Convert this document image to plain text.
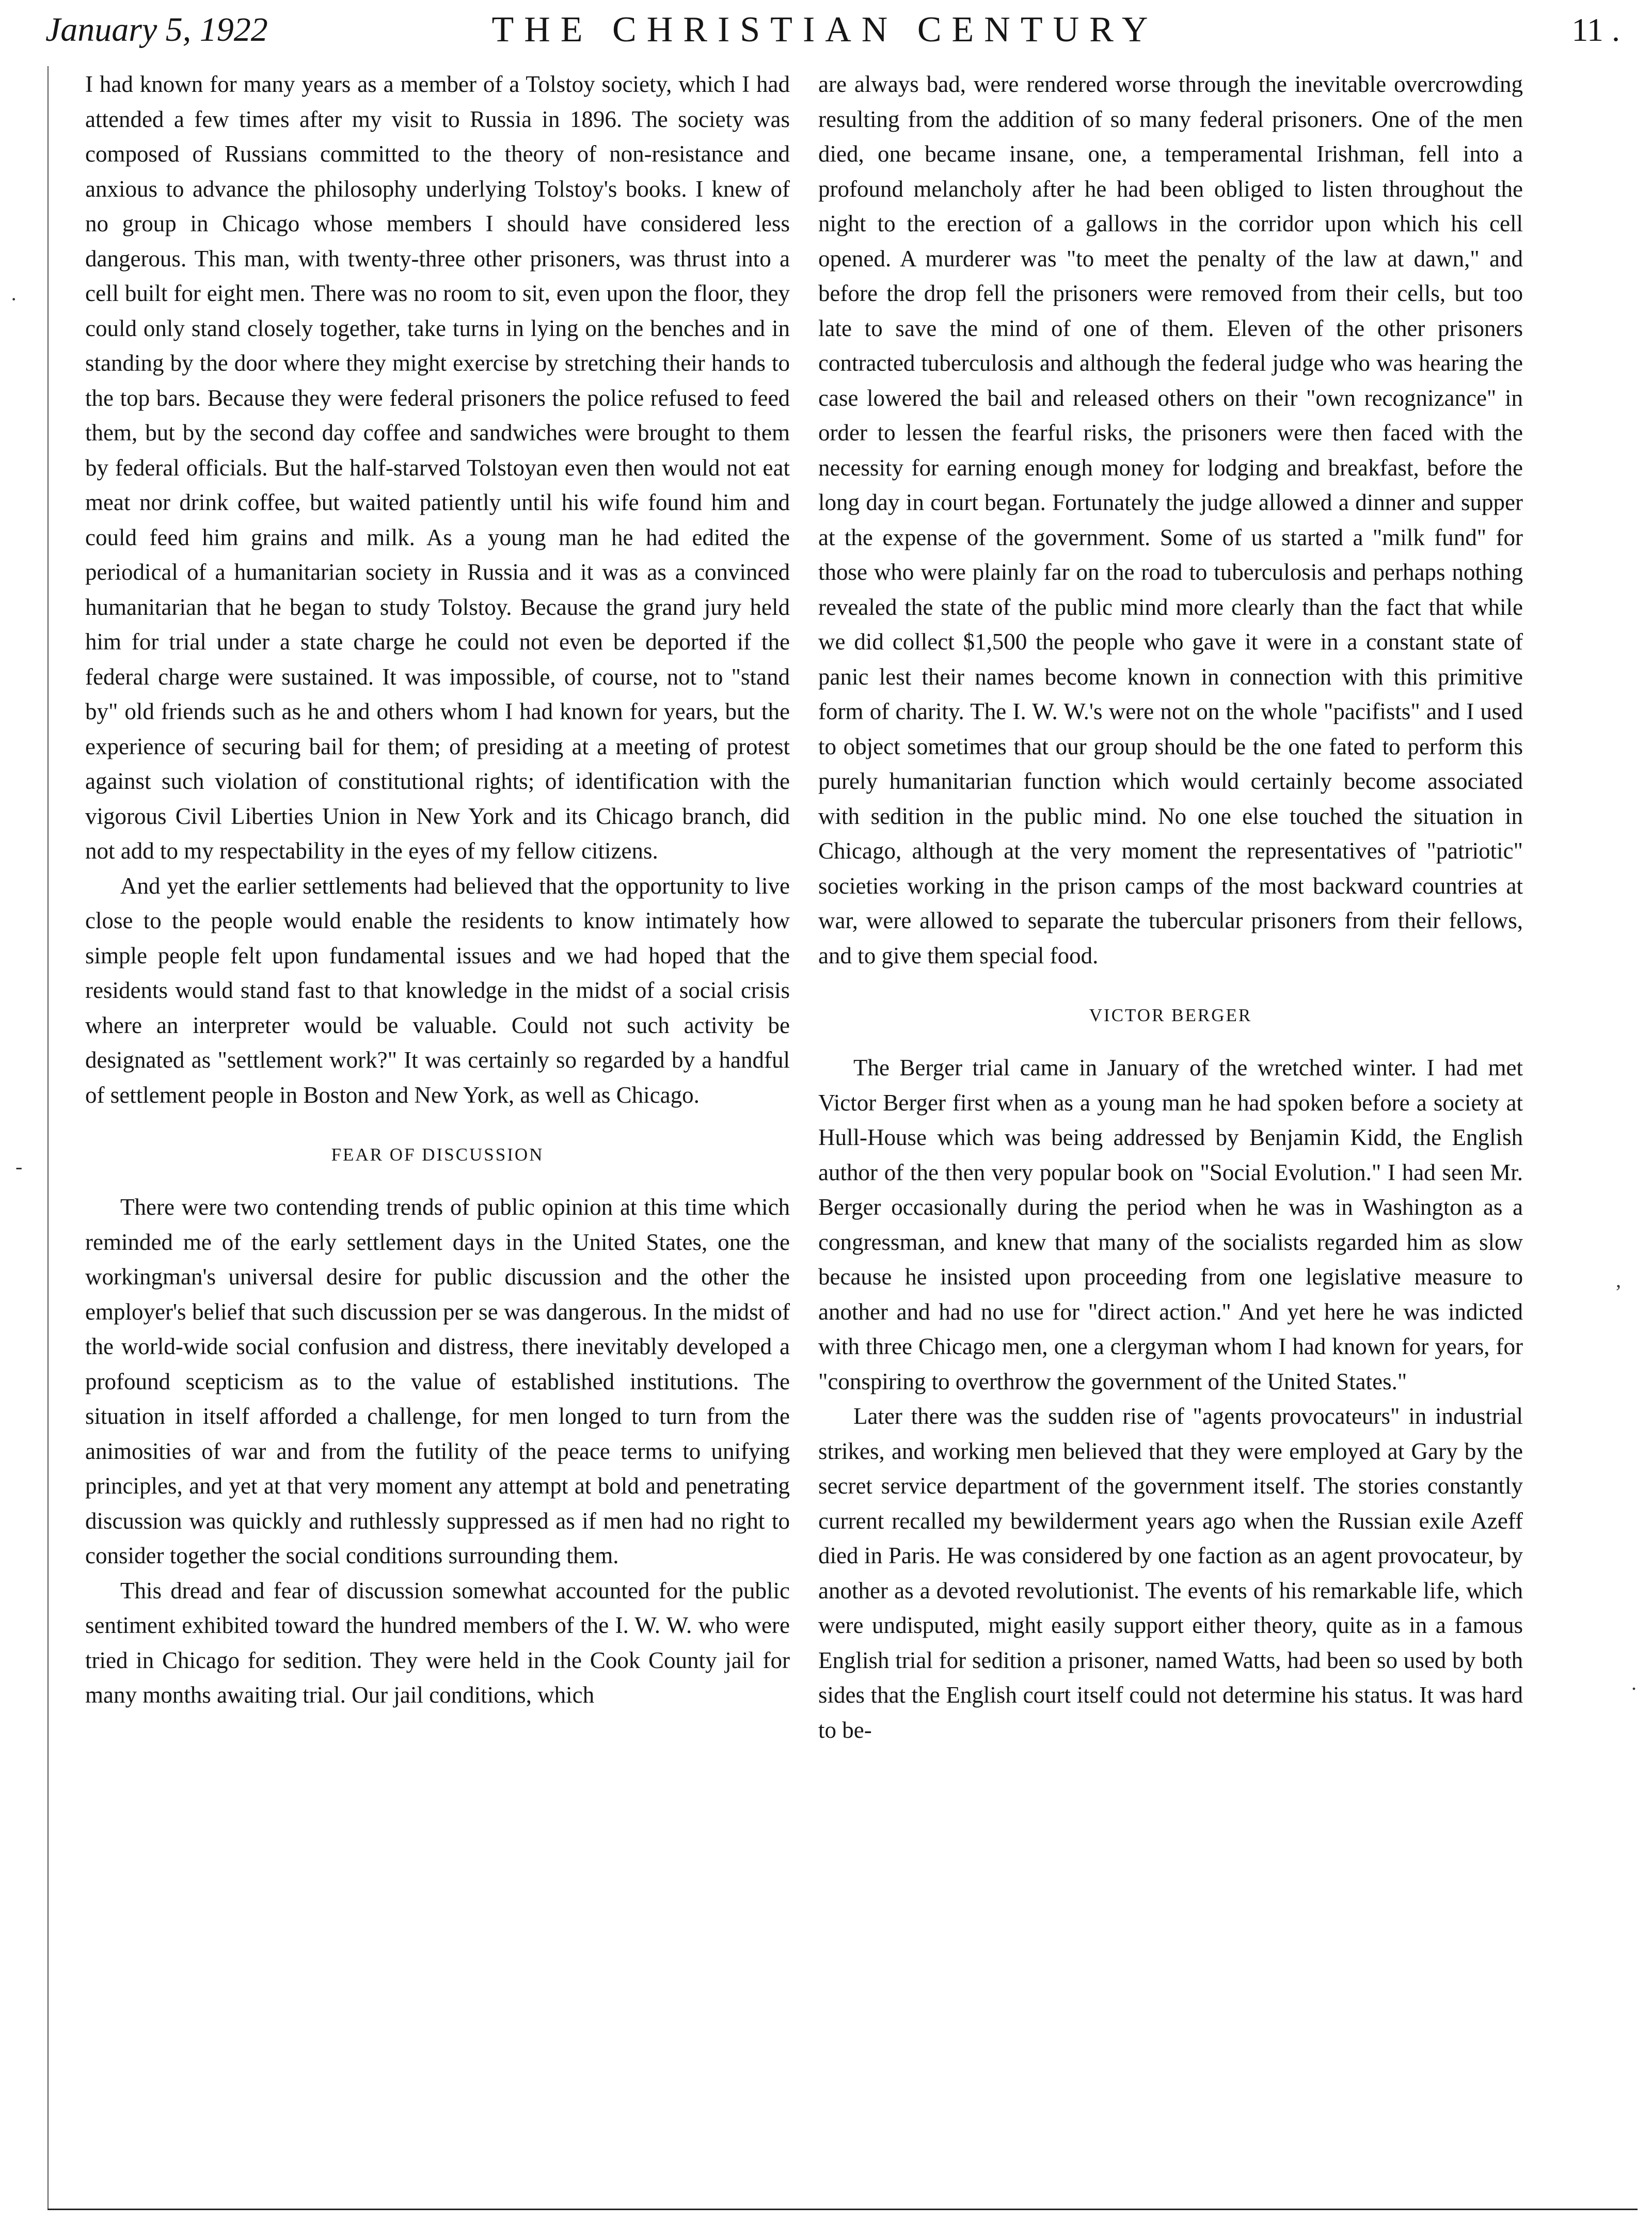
January 5, 1922	THE CHRISTIAN CENTURY	11 .

I had known for many years as a member of a Tolstoy society, which I had attended a few times after my visit to Russia in 1896. The society was composed of Russians committed to the theory of non-resistance and anxious to advance the philosophy underlying Tolstoy's books. I knew of no group in Chicago whose members I should have considered less dangerous. This man, with twenty-three other prisoners, was thrust into a cell built for eight men. There was no room to sit, even upon the floor, they could only stand closely together, take turns in lying on the benches and in standing by the door where they might exercise by stretching their hands to the top bars. Because they were federal prisoners the police refused to feed them, but by the second day coffee and sandwiches were brought to them by federal officials. But the half-starved Tolstoyan even then would not eat meat nor drink coffee, but waited patiently until his wife found him and could feed him grains and milk. As a young man he had edited the periodical of a humanitarian society in Russia and it was as a convinced humanitarian that he began to study Tolstoy. Because the grand jury held him for trial under a state charge he could not even be deported if the federal charge were sustained. It was impossible, of course, not to "stand by" old friends such as he and others whom I had known for years, but the experience of securing bail for them; of presiding at a meeting of protest against such violation of constitutional rights; of identification with the vigorous Civil Liberties Union in New York and its Chicago branch, did not add to my respectability in the eyes of my fellow citizens.

And yet the earlier settlements had believed that the opportunity to live close to the people would enable the residents to know intimately how simple people felt upon fundamental issues and we had hoped that the residents would stand fast to that knowledge in the midst of a social crisis where an interpreter would be valuable. Could not such activity be designated as "settlement work?" It was certainly so regarded by a handful of settlement people in Boston and New York, as well as Chicago.

FEAR OF DISCUSSION

There were two contending trends of public opinion at this time which reminded me of the early settlement days in the United States, one the workingman's universal desire for public discussion and the other the employer's belief that such discussion per se was dangerous. In the midst of the world-wide social confusion and distress, there inevitably developed a profound scepticism as to the value of established institutions. The situation in itself afforded a challenge, for men longed to turn from the animosities of war and from the futility of the peace terms to unifying principles, and yet at that very moment any attempt at bold and penetrating discussion was quickly and ruthlessly suppressed as if men had no right to consider together the social conditions surrounding them.

This dread and fear of discussion somewhat accounted for the public sentiment exhibited toward the hundred members of the I. W. W. who were tried in Chicago for sedition. They were held in the Cook County jail for many months awaiting trial. Our jail conditions, which

are always bad, were rendered worse through the inevitable overcrowding resulting from the addition of so many federal prisoners. One of the men died, one became insane, one, a temperamental Irishman, fell into a profound melancholy after he had been obliged to listen throughout the night to the erection of a gallows in the corridor upon which his cell opened. A murderer was "to meet the penalty of the law at dawn," and before the drop fell the prisoners were removed from their cells, but too late to save the mind of one of them. Eleven of the other prisoners contracted tuberculosis and although the federal judge who was hearing the case lowered the bail and released others on their "own recognizance" in order to lessen the fearful risks, the prisoners were then faced with the necessity for earning enough money for lodging and breakfast, before the long day in court began. Fortunately the judge allowed a dinner and supper at the expense of the government. Some of us started a "milk fund" for those who were plainly far on the road to tuberculosis and perhaps nothing revealed the state of the public mind more clearly than the fact that while we did collect $1,500 the people who gave it were in a constant state of panic lest their names become known in connection with this primitive form of charity. The I. W. W.'s were not on the whole "pacifists" and I used to object sometimes that our group should be the one fated to perform this purely humanitarian function which would certainly become associated with sedition in the public mind. No one else touched the situation in Chicago, although at the very moment the representatives of "patriotic" societies working in the prison camps of the most backward countries at war, were allowed to separate the tubercular prisoners from their fellows, and to give them special food.

VICTOR BERGER

The Berger trial came in January of the wretched winter. I had met Victor Berger first when as a young man he had spoken before a society at Hull-House which was being addressed by Benjamin Kidd, the English author of the then very popular book on "Social Evolution." I had seen Mr. Berger occasionally during the period when he was in Washington as a congressman, and knew that many of the socialists regarded him as slow because he insisted upon proceeding from one legislative measure to another and had no use for "direct action." And yet here he was indicted with three Chicago men, one a clergyman whom I had known for years, for "conspiring to overthrow the government of the United States."

Later there was the sudden rise of "agents provocateurs" in industrial strikes, and working men believed that they were employed at Gary by the secret service department of the government itself. The stories constantly current recalled my bewilderment years ago when the Russian exile Azeff died in Paris. He was considered by one faction as an agent provocateur, by another as a devoted revolutionist. The events of his remarkable life, which were undisputed, might easily support either theory, quite as in a famous English trial for sedition a prisoner, named Watts, had been so used by both sides that the English court itself could not determine his status. It was hard to be-

·
-
,
.
